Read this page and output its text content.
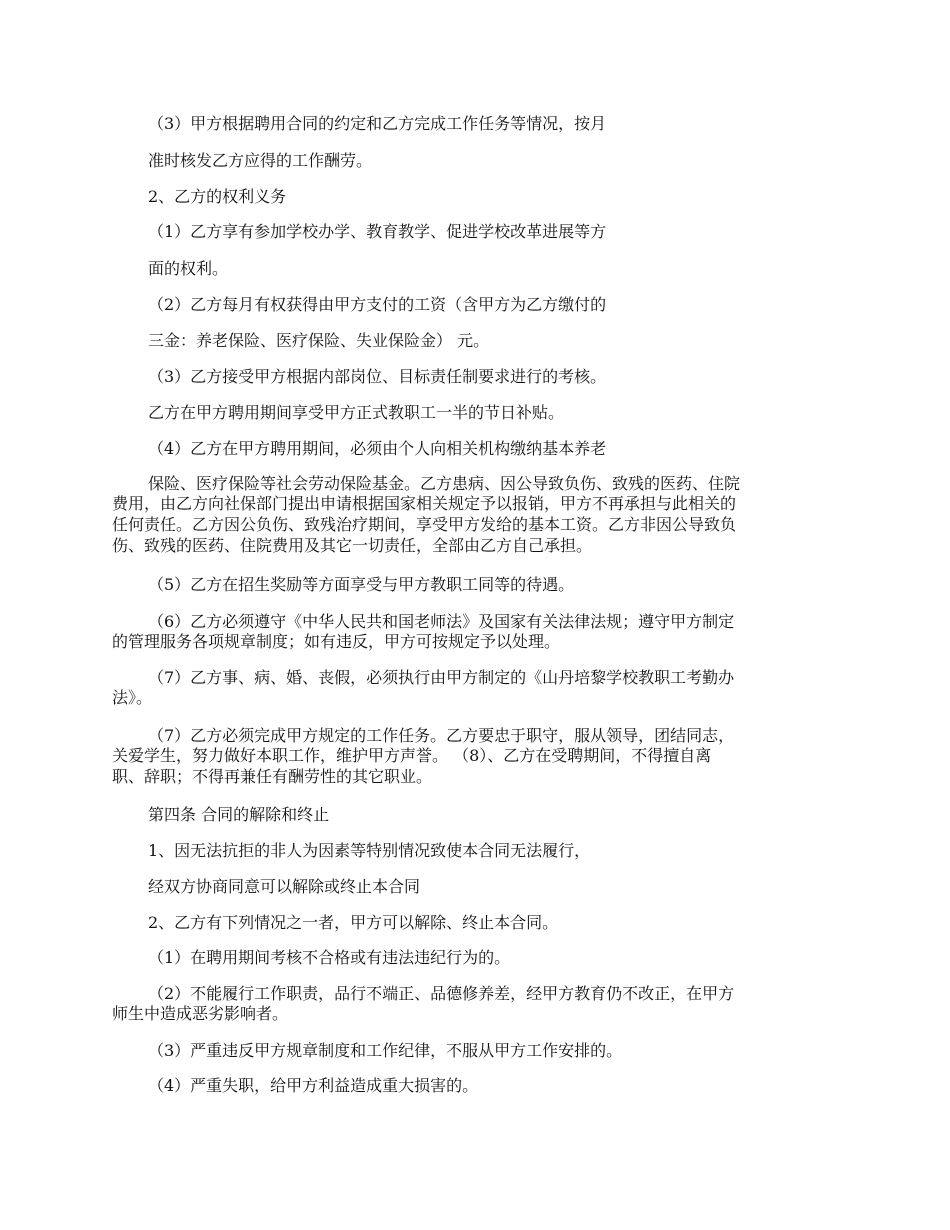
（3）甲方根据聘用合同的约定和乙方完成工作任务等情况，按月
准时核发乙方应得的工作酬劳。
2、乙方的权利义务
（1）乙方享有参加学校办学、教育教学、促进学校改革进展等方
面的权利。
（2）乙方每月有权获得由甲方支付的工资（含甲方为乙方缴付的
三金：养老保险、医疗保险、失业保险金） 元。
（3）乙方接受甲方根据内部岗位、目标责任制要求进行的考核。
乙方在甲方聘用期间享受甲方正式教职工一半的节日补贴。
（4）乙方在甲方聘用期间，必须由个人向相关机构缴纳基本养老
保险、医疗保险等社会劳动保险基金。乙方患病、因公导致负伤、致残的医药、住院
费用，由乙方向社保部门提出申请根据国家相关规定予以报销，甲方不再承担与此相关的
任何责任。乙方因公负伤、致残治疗期间，享受甲方发给的基本工资。乙方非因公导致负
伤、致残的医药、住院费用及其它一切责任，全部由乙方自己承担。
（5）乙方在招生奖励等方面享受与甲方教职工同等的待遇。
（6）乙方必须遵守《中华人民共和国老师法》及国家有关法律法规；遵守甲方制定
的管理服务各项规章制度；如有违反，甲方可按规定予以处理。
（7）乙方事、病、婚、丧假，必须执行由甲方制定的《山丹培黎学校教职工考勤办
法》。
（7）乙方必须完成甲方规定的工作任务。乙方要忠于职守，服从领导，团结同志，
关爱学生，努力做好本职工作，维护甲方声誉。 （8）、乙方在受聘期间，不得擅自离
职、辞职；不得再兼任有酬劳性的其它职业。
第四条 合同的解除和终止
1、因无法抗拒的非人为因素等特别情况致使本合同无法履行，
经双方协商同意可以解除或终止本合同
2、乙方有下列情况之一者，甲方可以解除、终止本合同。
（1）在聘用期间考核不合格或有违法违纪行为的。
（2）不能履行工作职责，品行不端正、品德修养差，经甲方教育仍不改正，在甲方
师生中造成恶劣影响者。
（3）严重违反甲方规章制度和工作纪律，不服从甲方工作安排的。
（4）严重失职，给甲方利益造成重大损害的。
